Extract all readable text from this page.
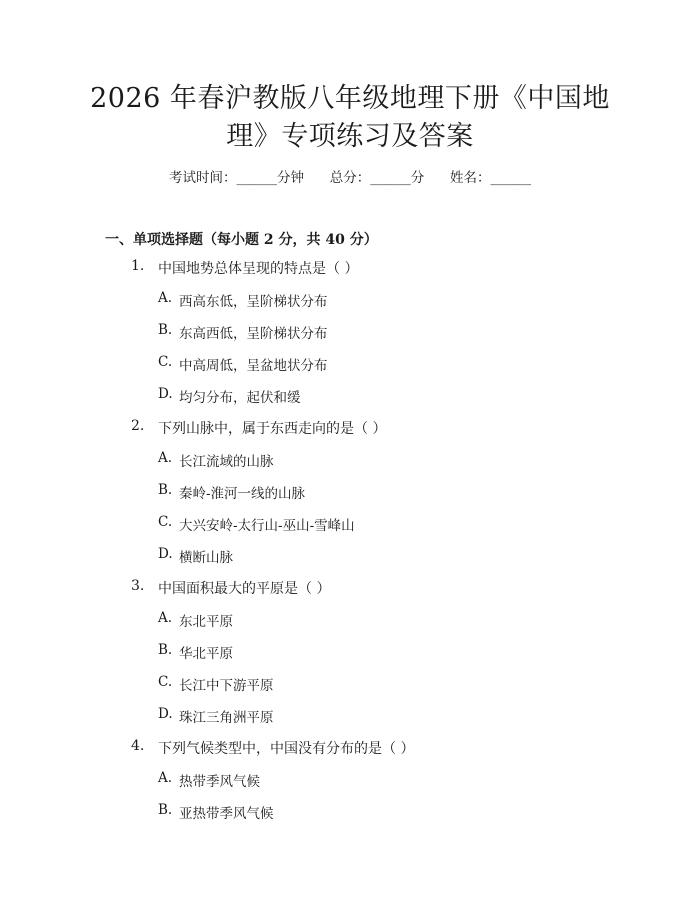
2026 年春沪教版八年级地理下册《中国地
理》专项练习及答案
考试时间：______分钟      总分：______分      姓名：______
一、单项选择题（每小题 2 分，共 40 分）
1. 中国地势总体呈现的特点是（ ）
A. 西高东低，呈阶梯状分布
B. 东高西低，呈阶梯状分布
C. 中高周低，呈盆地状分布
D. 均匀分布，起伏和缓
2. 下列山脉中，属于东西走向的是（ ）
A. 长江流域的山脉
B. 秦岭-淮河一线的山脉
C. 大兴安岭-太行山-巫山-雪峰山
D. 横断山脉
3. 中国面积最大的平原是（ ）
A. 东北平原
B. 华北平原
C. 长江中下游平原
D. 珠江三角洲平原
4. 下列气候类型中，中国没有分布的是（ ）
A. 热带季风气候
B. 亚热带季风气候
